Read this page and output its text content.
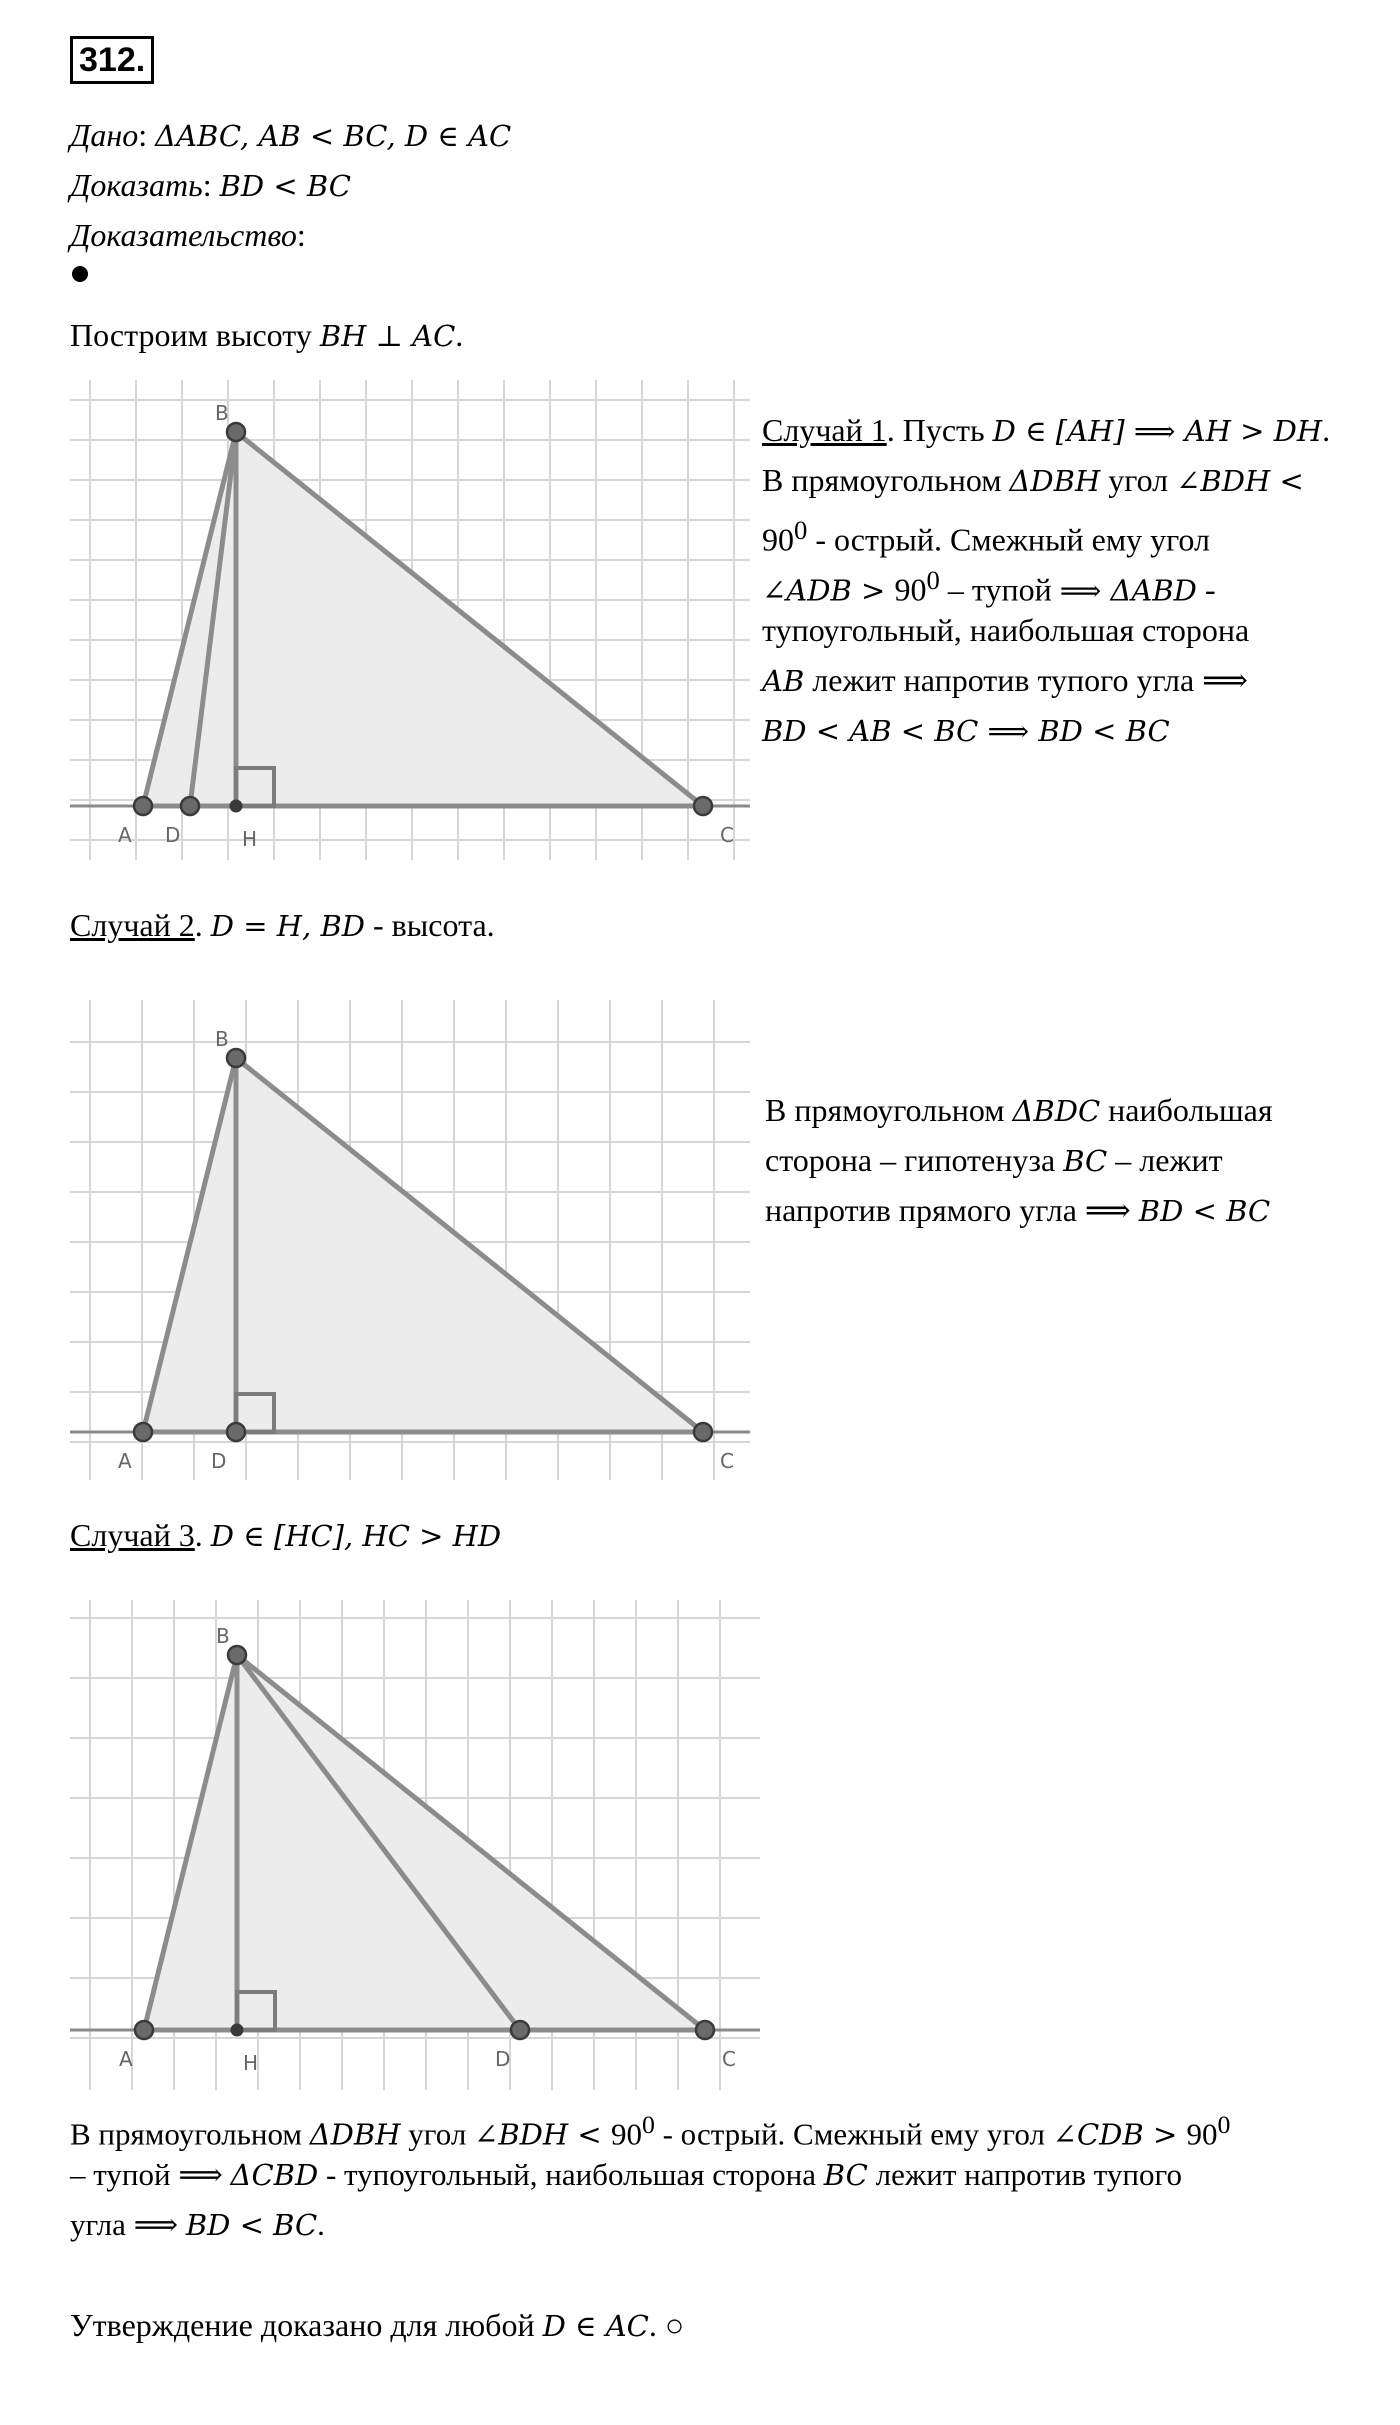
312.
Дано: ΔABC, AB < BC, D ∈ AC
Доказать: BD < BC
Доказательство:
Построим высоту BH ⊥ AC.
B
A D	H	C
Случай 1. Пусть D ∈ [AH] ⟹ AH > DH.
В прямоугольном ΔDBH угол ∠BDH <
$90^0$ - острый. Смежный ему угол
∠ADB > $90^0$ – тупой ⟹ ΔABD -
тупоугольный, наибольшая сторона
AB лежит напротив тупого угла ⟹
BD < AB < BC ⟹ BD < BC
Случай 2. D = H, BD - высота.
B
A	D	C
В прямоугольном ΔBDC наибольшая
сторона – гипотенуза BC – лежит
напротив прямого угла ⟹ BD < BC
Случай 3. D ∈ [HC], HC > HD
B
A	H	D	C
В прямоугольном ΔDBH угол ∠BDH < $90^0$ - острый. Смежный ему угол ∠CDB > $90^0$
– тупой ⟹ ΔCBD - тупоугольный, наибольшая сторона BC лежит напротив тупого
угла ⟹ BD < BC.
Утверждение доказано для любой D ∈ AC. ○
